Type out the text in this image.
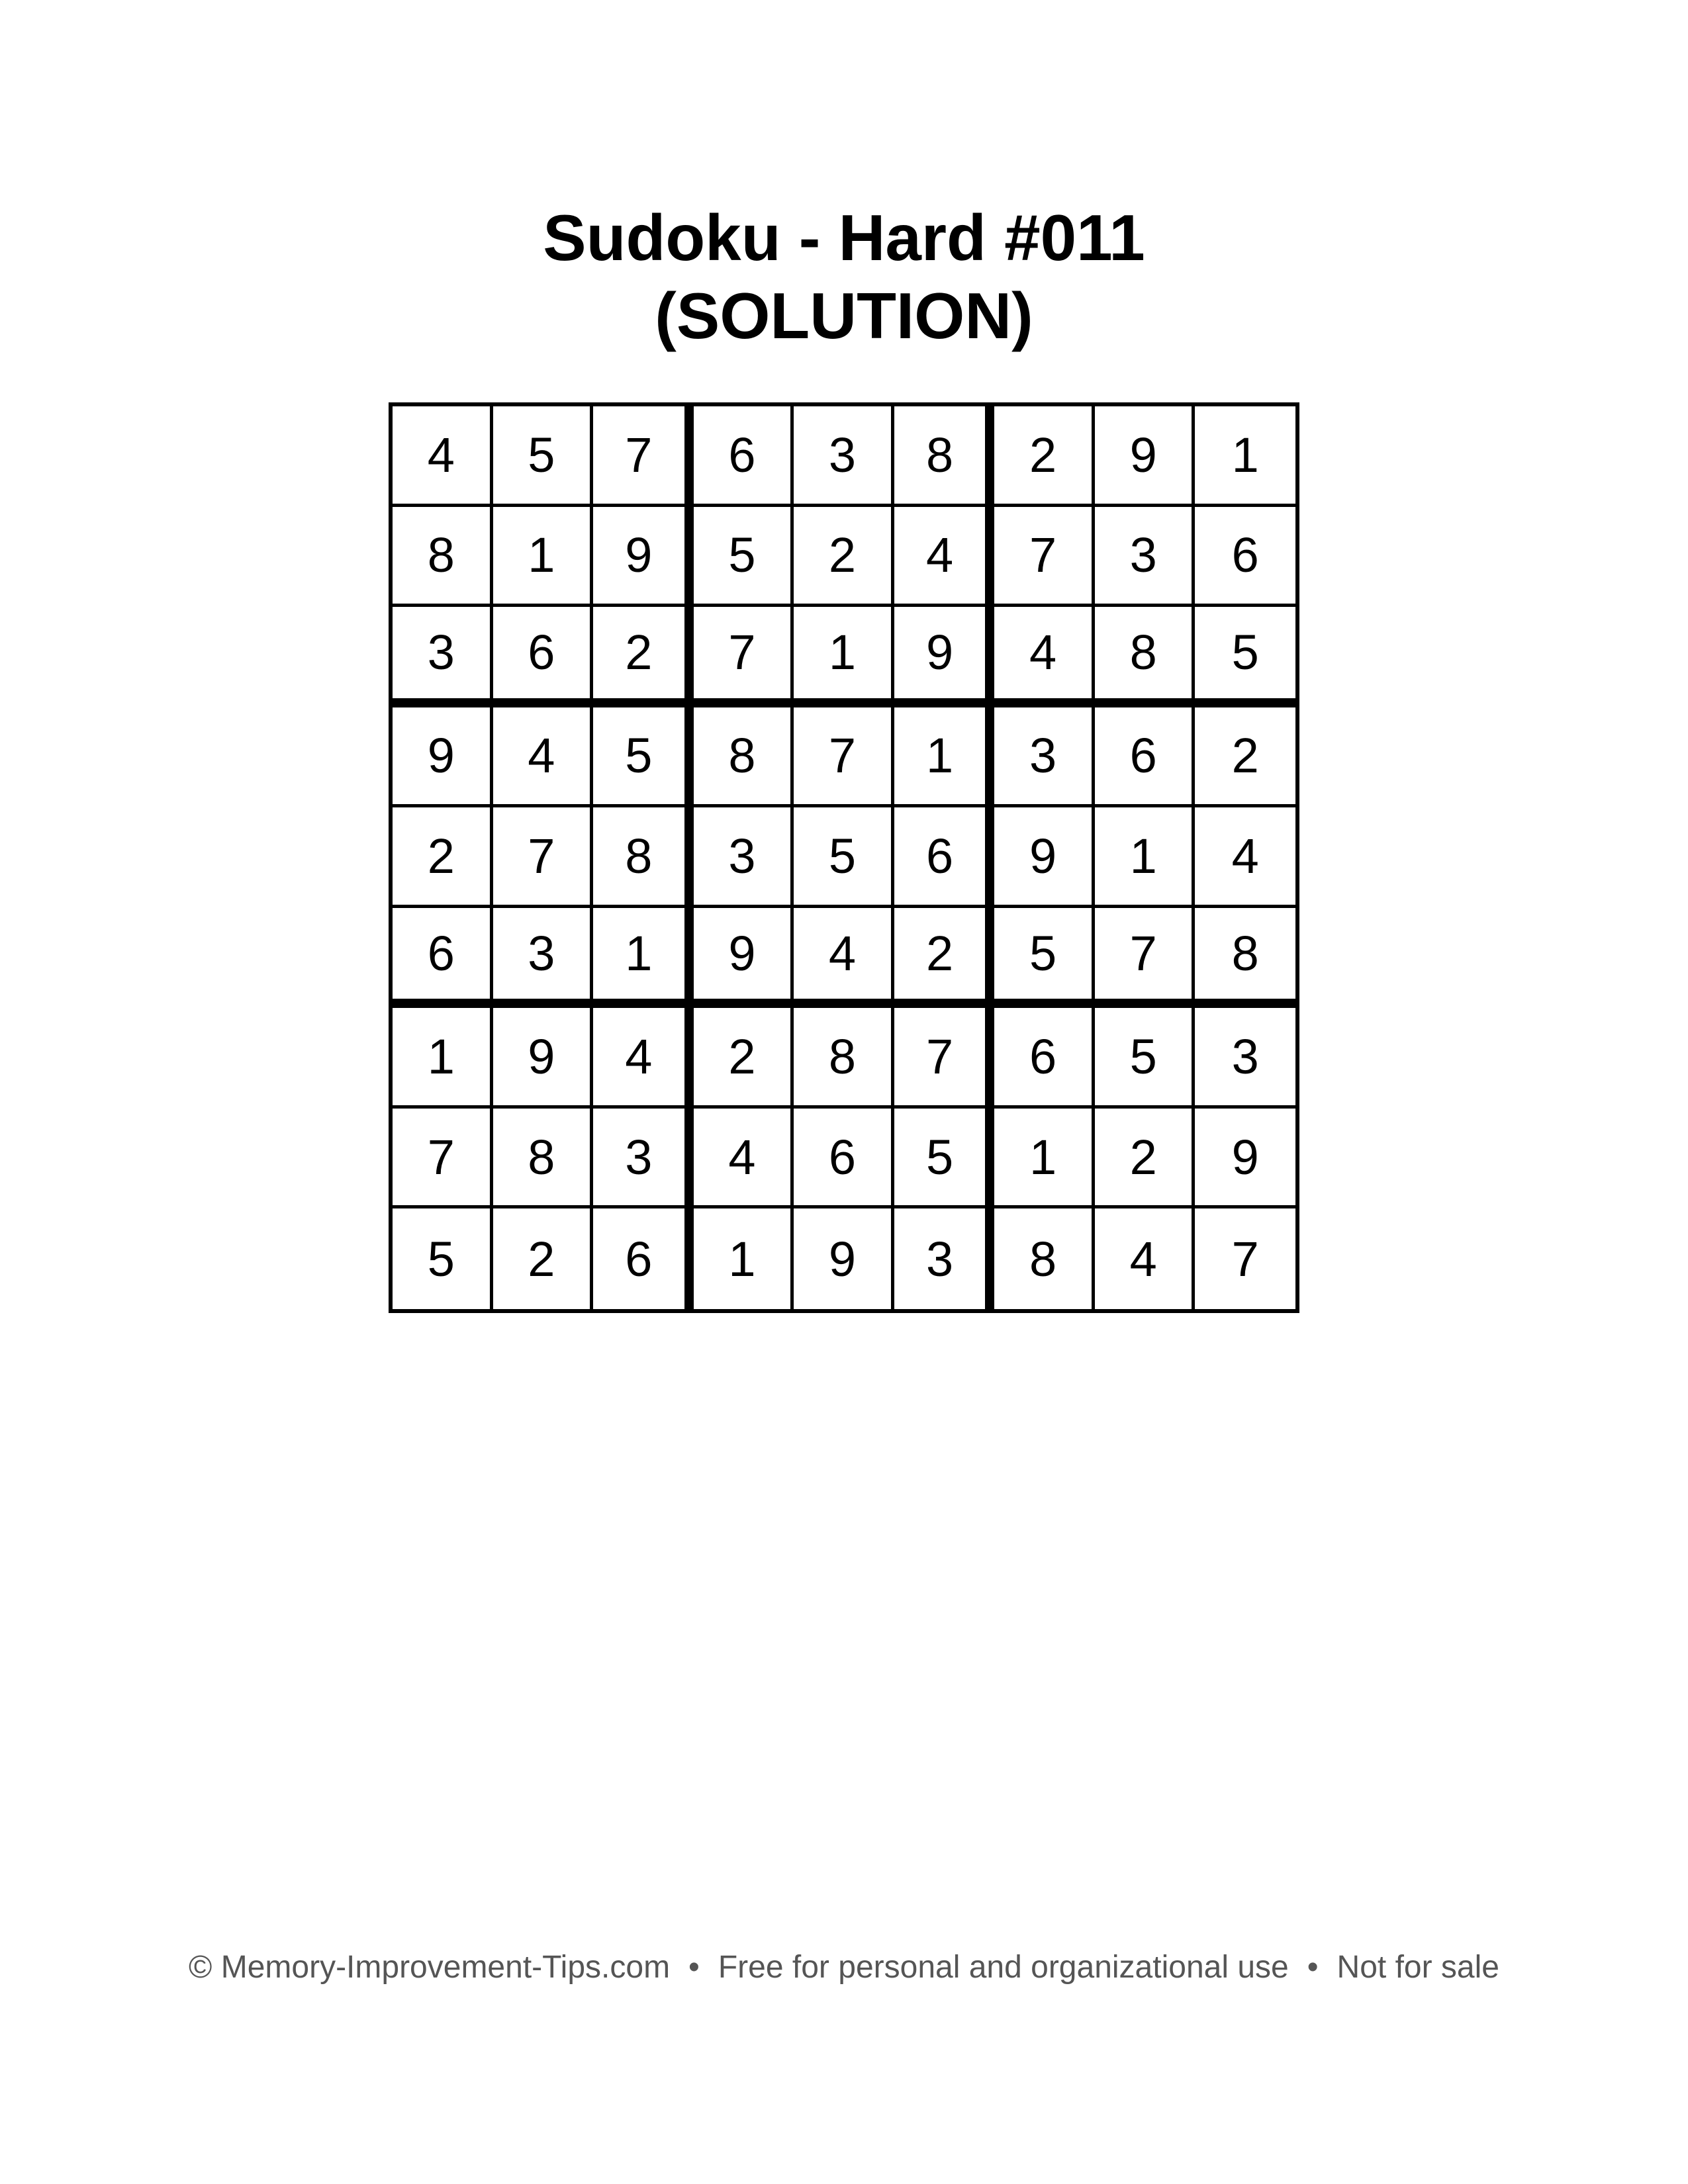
Sudoku - Hard #011
(SOLUTION)
4	5	7	6	3	8	2	9	1
8	1	9	5	2	4	7	3	6
3	6	2	7	1	9	4	8	5
9	4	5	8	7	1	3	6	2
2	7	8	3	5	6	9	1	4
6	3	1	9	4	2	5	7	8
1	9	4	2	8	7	6	5	3
7	8	3	4	6	5	1	2	9
5	2	6	1	9	3	8	4	7
© Memory-Improvement-Tips.com • Free for personal and organizational use • Not for sale
